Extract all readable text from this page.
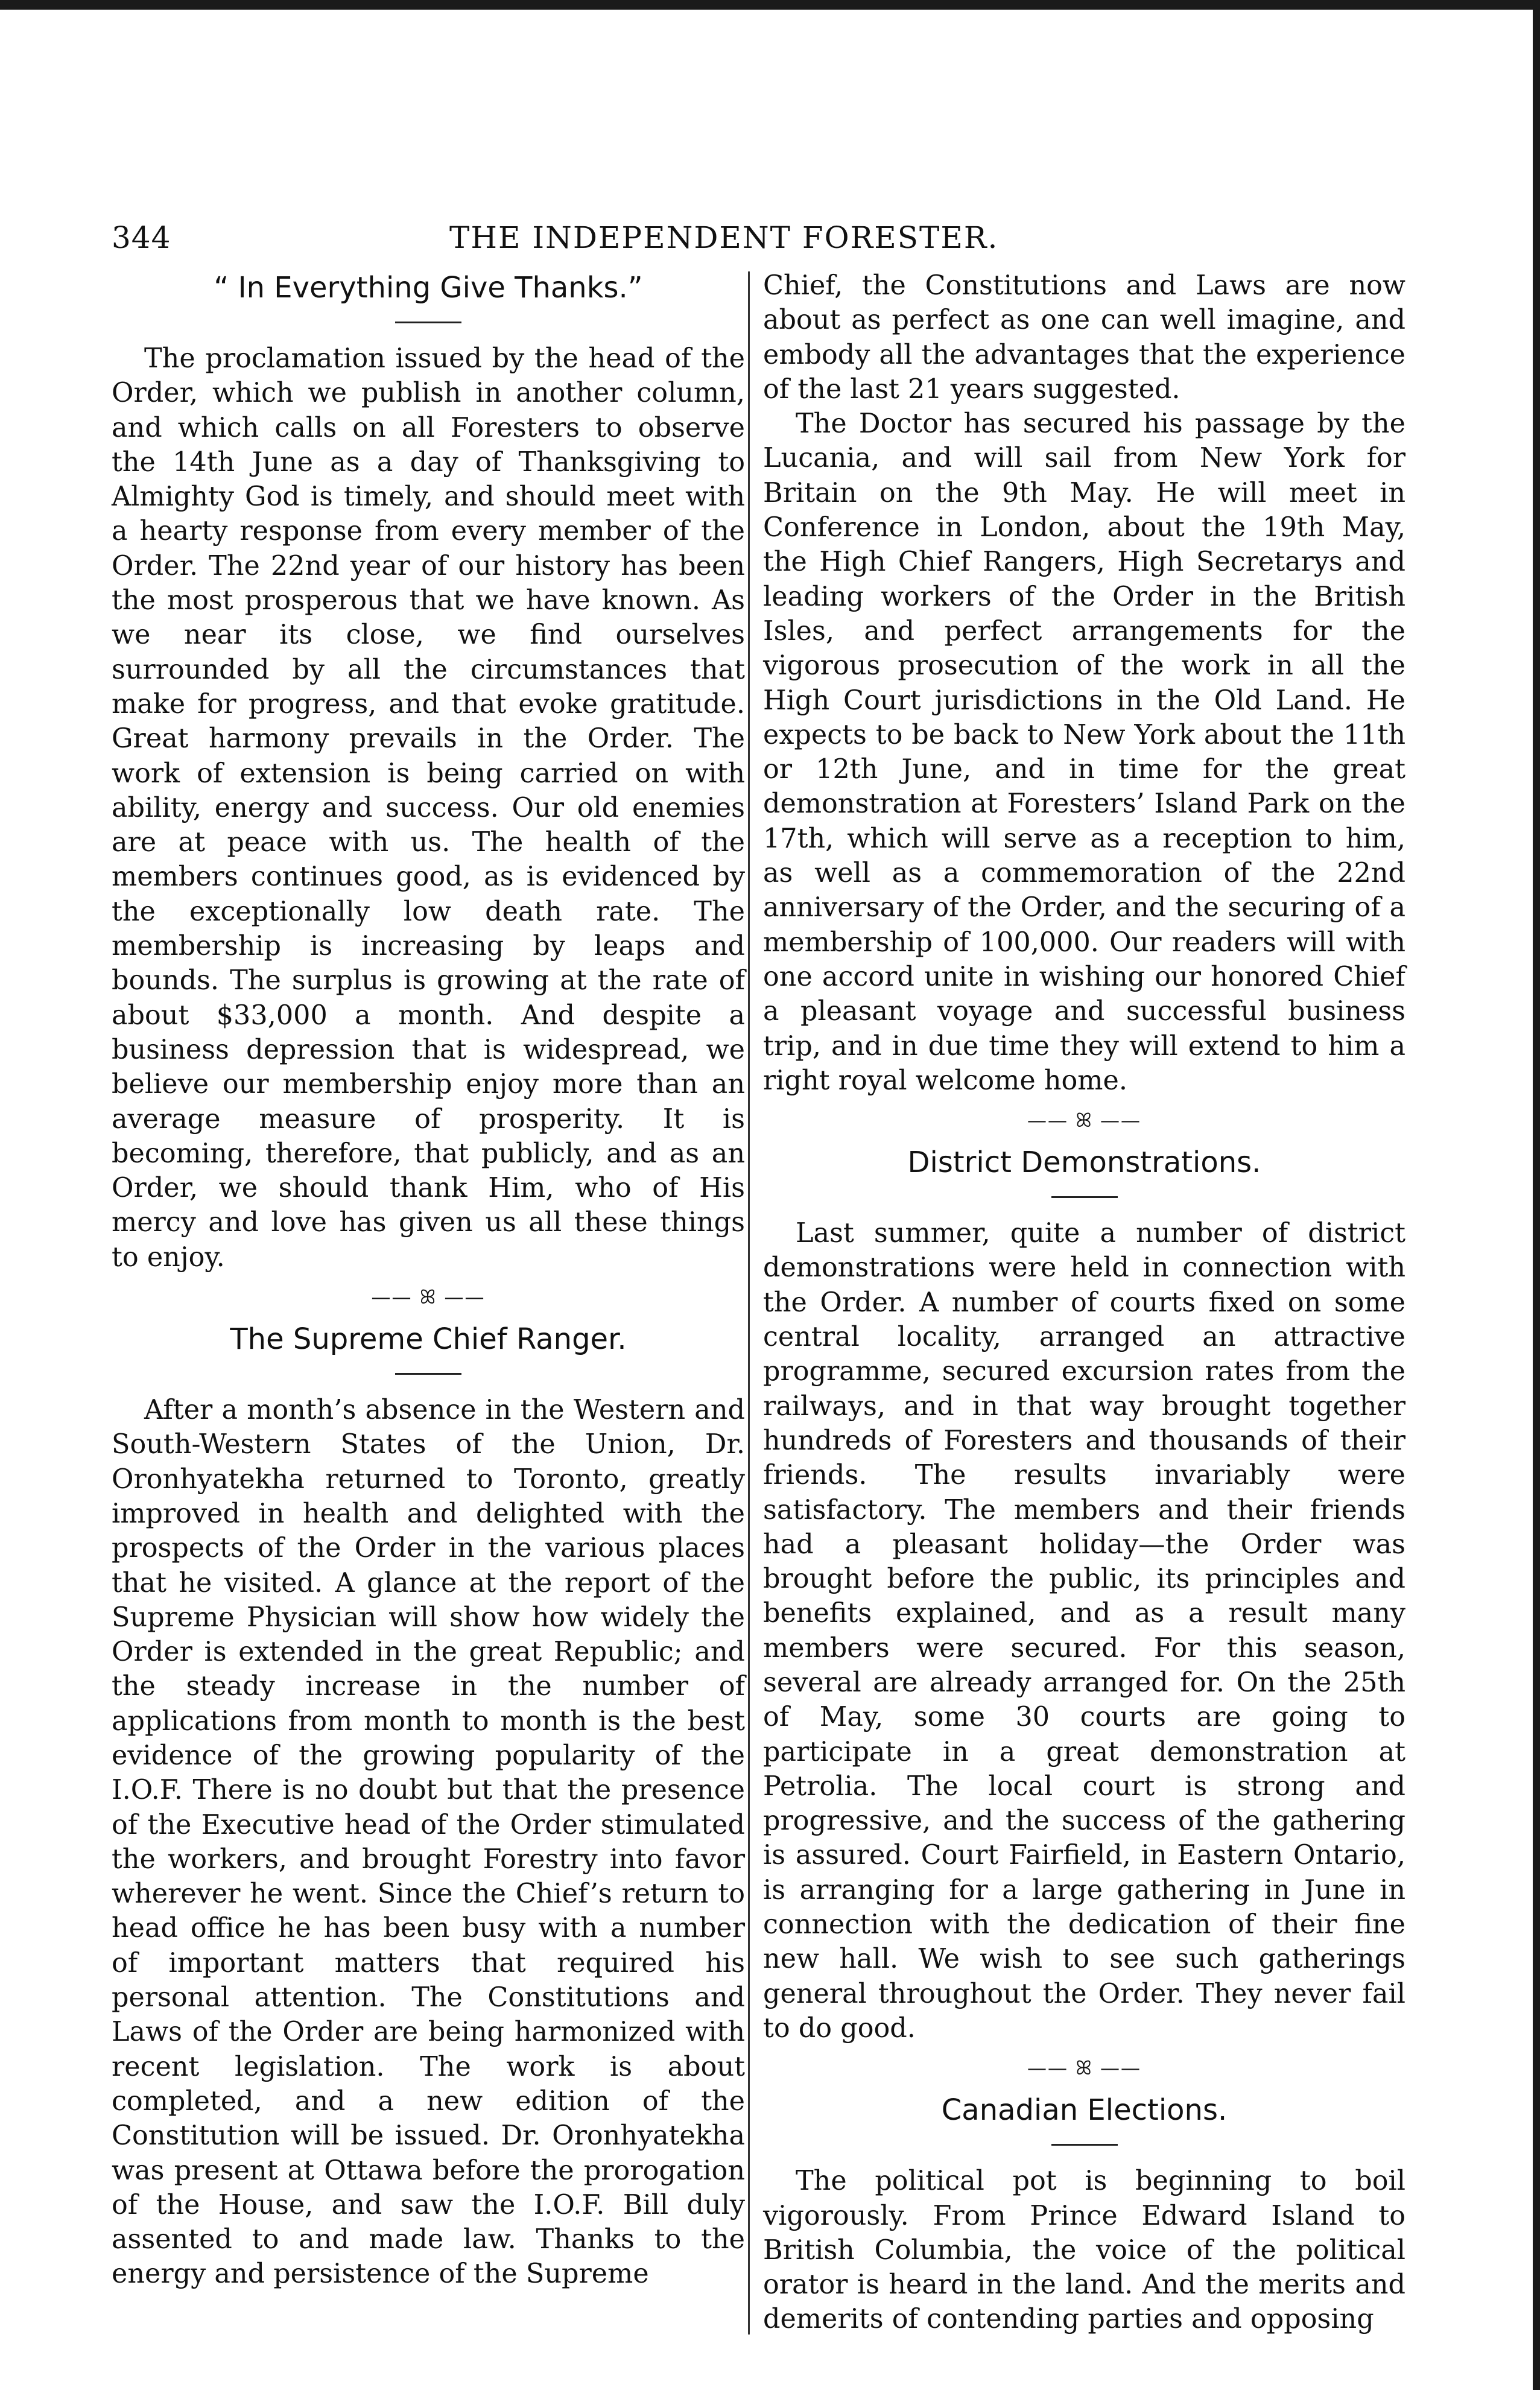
344	THE INDEPENDENT FORESTER.
“ In Everything Give Thanks.”

The proclamation issued by the head of the Order, which we publish in another column, and which calls on all Foresters to observe the 14th June as a day of Thanksgiving to Almighty God is timely, and should meet with a hearty response from every member of the Order. The 22nd year of our history has been the most prosperous that we have known. As we near its close, we find ourselves surrounded by all the circumstances that make for progress, and that evoke gratitude. Great harmony prevails in the Order. The work of extension is being carried on with ability, energy and success. Our old enemies are at peace with us. The health of the members continues good, as is evidenced by the exceptionally low death rate. The membership is increasing by leaps and bounds. The surplus is growing at the rate of about $33,000 a month. And despite a business depression that is widespread, we believe our membership enjoy more than an average measure of prosperity. It is becoming, therefore, that publicly, and as an Order, we should thank Him, who of His mercy and love has given us all these things to enjoy.

—— ꕤ ——
The Supreme Chief Ranger.

After a month’s absence in the Western and South-Western States of the Union, Dr. Oronhyatekha returned to Toronto, greatly improved in health and delighted with the prospects of the Order in the various places that he visited. A glance at the report of the Supreme Physician will show how widely the Order is extended in the great Republic; and the steady increase in the number of applications from month to month is the best evidence of the growing popularity of the I.O.F. There is no doubt but that the presence of the Executive head of the Order stimulated the workers, and brought Forestry into favor wherever he went. Since the Chief’s return to head office he has been busy with a number of important matters that required his personal attention. The Constitutions and Laws of the Order are being harmonized with recent legislation. The work is about completed, and a new edition of the Constitution will be issued. Dr. Oronhyatekha was present at Ottawa before the prorogation of the House, and saw the I.O.F. Bill duly assented to and made law. Thanks to the energy and persistence of the Supreme

Chief, the Constitutions and Laws are now about as perfect as one can well imagine, and embody all the advantages that the experience of the last 21 years suggested.

The Doctor has secured his passage by the Lucania, and will sail from New York for Britain on the 9th May. He will meet in Conference in London, about the 19th May, the High Chief Rangers, High Secretarys and leading workers of the Order in the British Isles, and perfect arrangements for the vigorous prosecution of the work in all the High Court jurisdictions in the Old Land. He expects to be back to New York about the 11th or 12th June, and in time for the great demonstration at Foresters’ Island Park on the 17th, which will serve as a reception to him, as well as a commemoration of the 22nd anniversary of the Order, and the securing of a membership of 100,000. Our readers will with one accord unite in wishing our honored Chief a pleasant voyage and successful business trip, and in due time they will extend to him a right royal welcome home.

—— ꕤ ——
District Demonstrations.

Last summer, quite a number of district demonstrations were held in connection with the Order. A number of courts fixed on some central locality, arranged an attractive programme, secured excursion rates from the railways, and in that way brought together hundreds of Foresters and thousands of their friends. The results invariably were satisfactory. The members and their friends had a pleasant holiday—the Order was brought before the public, its principles and benefits explained, and as a result many members were secured. For this season, several are already arranged for. On the 25th of May, some 30 courts are going to participate in a great demonstration at Petrolia. The local court is strong and progressive, and the success of the gathering is assured. Court Fairfield, in Eastern Ontario, is arranging for a large gathering in June in connection with the dedication of their fine new hall. We wish to see such gatherings general throughout the Order. They never fail to do good.

—— ꕤ ——
Canadian Elections.

The political pot is beginning to boil vigorously. From Prince Edward Island to British Columbia, the voice of the political orator is heard in the land. And the merits and demerits of contending parties and opposing
